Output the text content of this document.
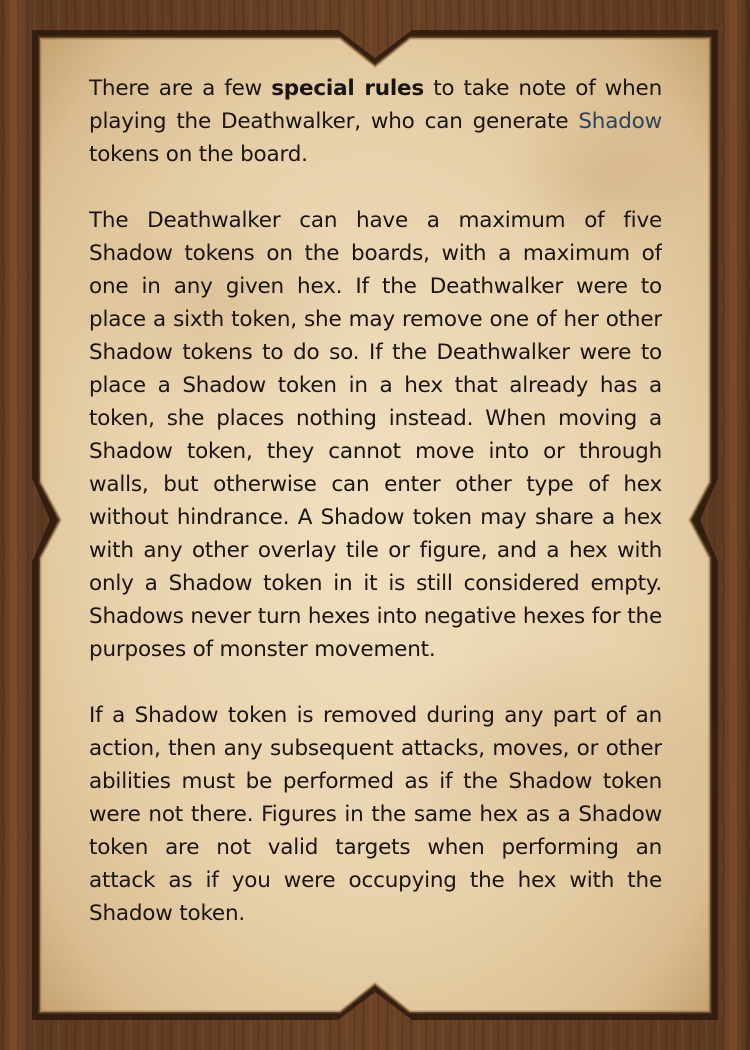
There are a few special rules to take note of when playing the Deathwalker, who can generate Shadow tokens on the board.

The Deathwalker can have a maximum of five Shadow tokens on the boards, with a maximum of one in any given hex. If the Deathwalker were to place a sixth token, she may remove one of her other Shadow tokens to do so. If the Deathwalker were to place a Shadow token in a hex that already has a token, she places nothing instead. When moving a Shadow token, they cannot move into or through walls, but otherwise can enter other type of hex without hindrance. A Shadow token may share a hex with any other overlay tile or figure, and a hex with only a Shadow token in it is still considered empty. Shadows never turn hexes into negative hexes for the purposes of monster movement.

If a Shadow token is removed during any part of an action, then any subsequent attacks, moves, or other abilities must be performed as if the Shadow token were not there. Figures in the same hex as a Shadow token are not valid targets when performing an attack as if you were occupying the hex with the Shadow token.
